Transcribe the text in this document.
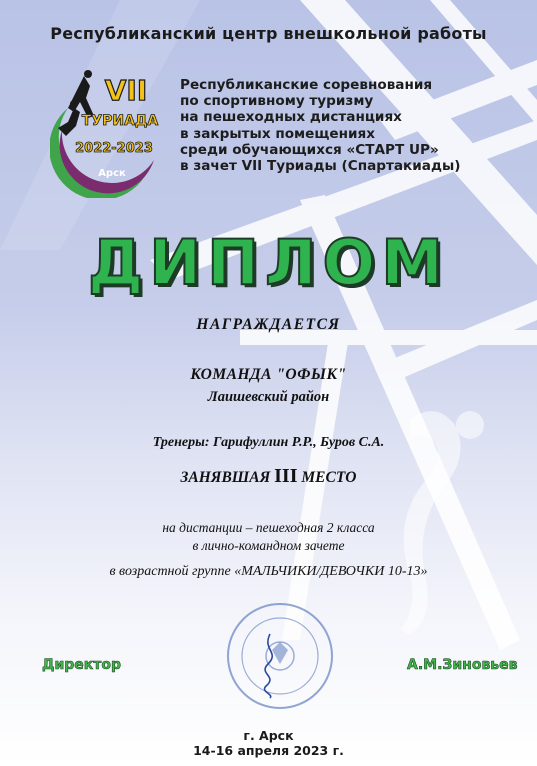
Республиканский центр внешкольной работы
VII
ТУРИАДА
2022-2023
Арск
Республиканские соревнования
по спортивному туризму
на пешеходных дистанциях
в закрытых помещениях
среди обучающихся «СТАРТ UP»
в зачет VII Туриады (Спартакиады)
ДИПЛОМ
НАГРАЖДАЕТСЯ
КОМАНДА "ОФЫК"
Лаишевский район
Тренеры: Гарифуллин Р.Р., Буров С.А.
ЗАНЯВШАЯ III МЕСТО
на дистанции – пешеходная 2 класса
в лично-командном зачете
в возрастной группе «МАЛЬЧИКИ/ДЕВОЧКИ 10-13»
Директор	А.М.Зиновьев
г. Арск
14-16 апреля 2023 г.
